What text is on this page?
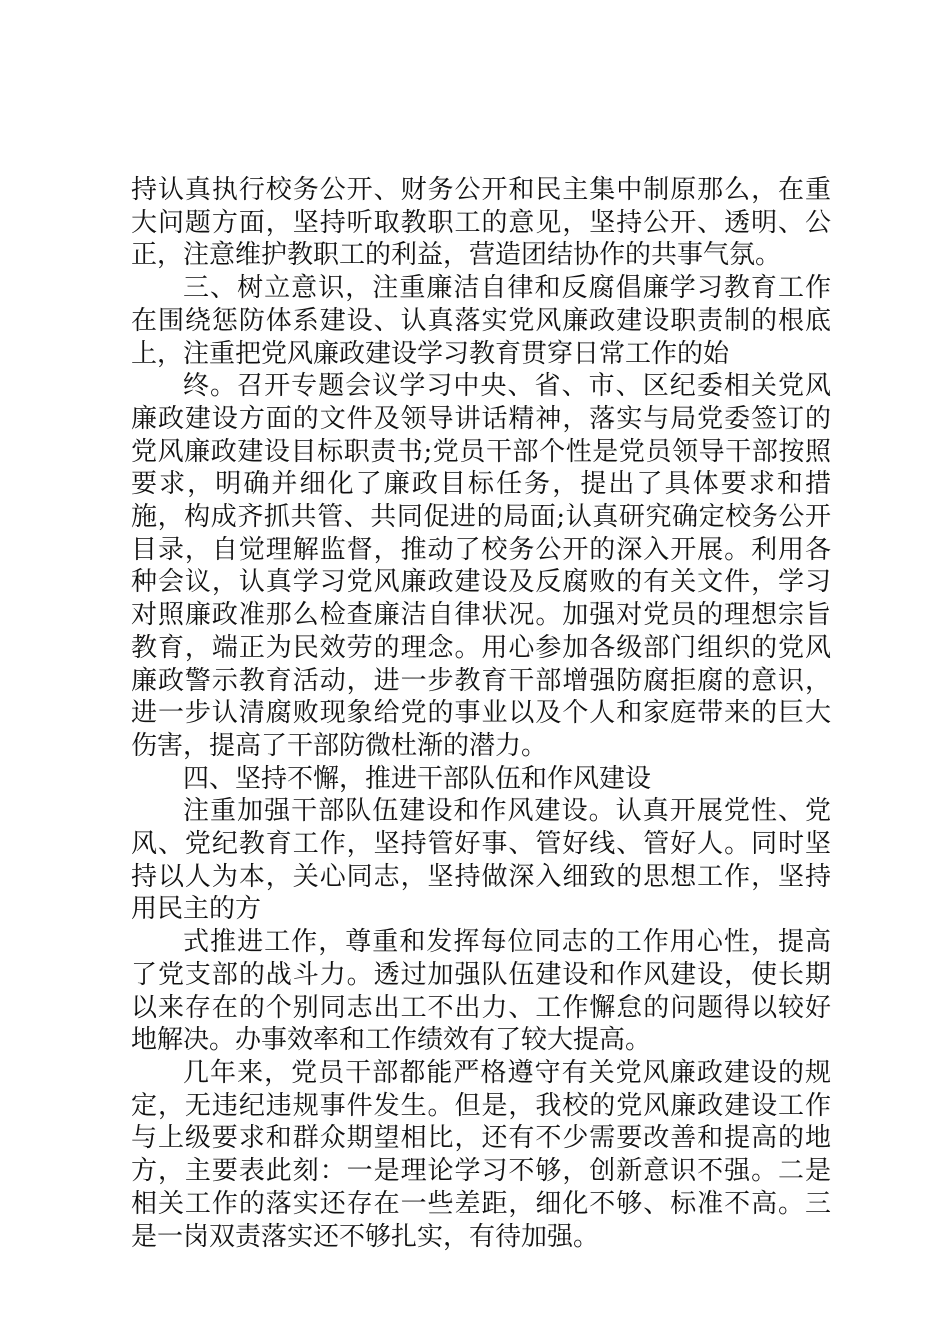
持认真执行校务公开、财务公开和民主集中制原那么，在重大问题方面，坚持听取教职工的意见，坚持公开、透明、公正，注意维护教职工的利益，营造团结协作的共事气氛。

三、树立意识，注重廉洁自律和反腐倡廉学习教育工作在围绕惩防体系建设、认真落实党风廉政建设职责制的根底上，注重把党风廉政建设学习教育贯穿日常工作的始

终。召开专题会议学习中央、省、市、区纪委相关党风廉政建设方面的文件及领导讲话精神，落实与局党委签订的党风廉政建设目标职责书;党员干部个性是党员领导干部按照要求，明确并细化了廉政目标任务，提出了具体要求和措施，构成齐抓共管、共同促进的局面;认真研究确定校务公开目录，自觉理解监督，推动了校务公开的深入开展。利用各种会议，认真学习党风廉政建设及反腐败的有关文件，学习对照廉政准那么检查廉洁自律状况。加强对党员的理想宗旨教育，端正为民效劳的理念。用心参加各级部门组织的党风廉政警示教育活动，进一步教育干部增强防腐拒腐的意识，进一步认清腐败现象给党的事业以及个人和家庭带来的巨大伤害，提高了干部防微杜渐的潜力。

四、坚持不懈，推进干部队伍和作风建设

注重加强干部队伍建设和作风建设。认真开展党性、党风、党纪教育工作，坚持管好事、管好线、管好人。同时坚持以人为本，关心同志，坚持做深入细致的思想工作，坚持用民主的方

式推进工作，尊重和发挥每位同志的工作用心性，提高了党支部的战斗力。透过加强队伍建设和作风建设，使长期以来存在的个别同志出工不出力、工作懈怠的问题得以较好地解决。办事效率和工作绩效有了较大提高。

几年来，党员干部都能严格遵守有关党风廉政建设的规定，无违纪违规事件发生。但是，我校的党风廉政建设工作与上级要求和群众期望相比，还有不少需要改善和提高的地方，主要表此刻：一是理论学习不够，创新意识不强。二是相关工作的落实还存在一些差距，细化不够、标准不高。三是一岗双责落实还不够扎实，有待加强。
